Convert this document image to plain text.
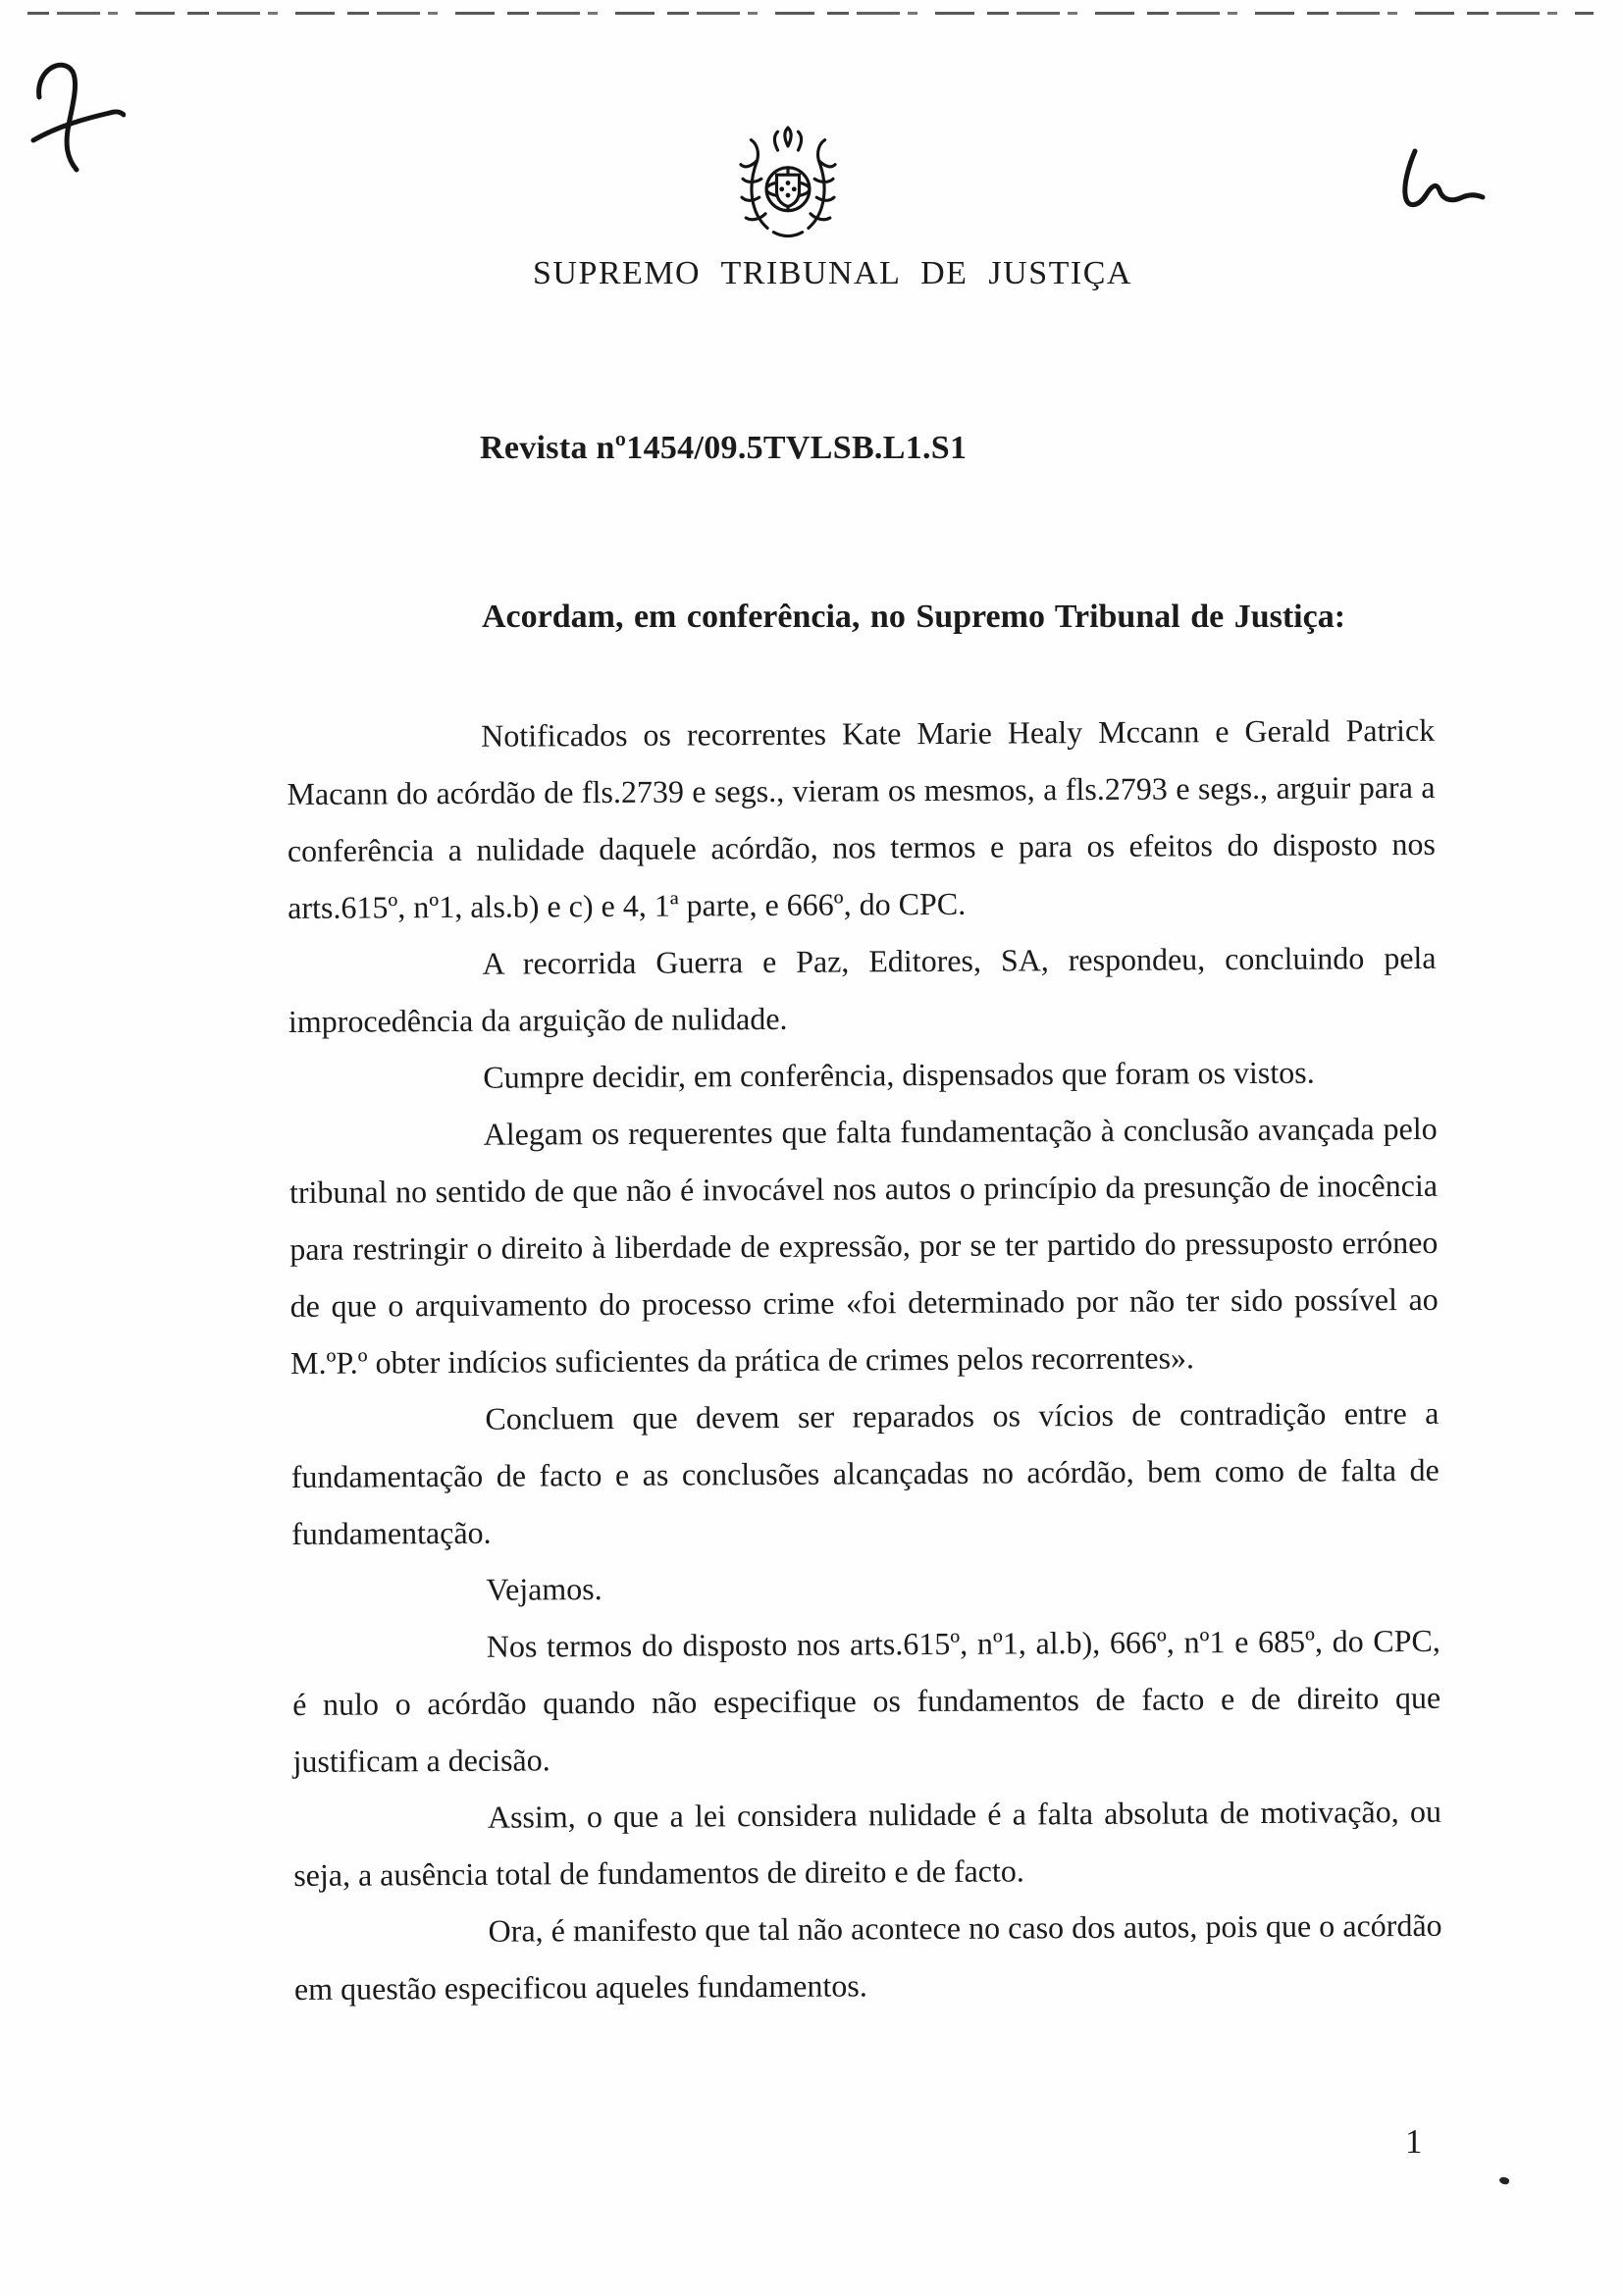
SUPREMO TRIBUNAL DE JUSTIÇA
Revista nº1454/09.5TVLSB.L1.S1
Acordam, em conferência, no Supremo Tribunal de Justiça:

Notificados os recorrentes Kate Marie Healy Mccann e Gerald Patrick Macann do acórdão de fls.2739 e segs., vieram os mesmos, a fls.2793 e segs., arguir para a conferência a nulidade daquele acórdão, nos termos e para os efeitos do disposto nos arts.615º, nº1, als.b) e c) e 4, 1ª parte, e 666º, do CPC.

A recorrida Guerra e Paz, Editores, SA, respondeu, concluindo pela improcedência da arguição de nulidade.

Cumpre decidir, em conferência, dispensados que foram os vistos.

Alegam os requerentes que falta fundamentação à conclusão avançada pelo tribunal no sentido de que não é invocável nos autos o princípio da presunção de inocência para restringir o direito à liberdade de expressão, por se ter partido do pressuposto erróneo de que o arquivamento do processo crime «foi determinado por não ter sido possível ao M.ºP.º obter indícios suficientes da prática de crimes pelos recorrentes».

Concluem que devem ser reparados os vícios de contradição entre a fundamentação de facto e as conclusões alcançadas no acórdão, bem como de falta de fundamentação.

Vejamos.

Nos termos do disposto nos arts.615º, nº1, al.b), 666º, nº1 e 685º, do CPC, é nulo o acórdão quando não especifique os fundamentos de facto e de direito que justificam a decisão.

Assim, o que a lei considera nulidade é a falta absoluta de motivação, ou seja, a ausência total de fundamentos de direito e de facto.

Ora, é manifesto que tal não acontece no caso dos autos, pois que o acórdão em questão especificou aqueles fundamentos.

1
